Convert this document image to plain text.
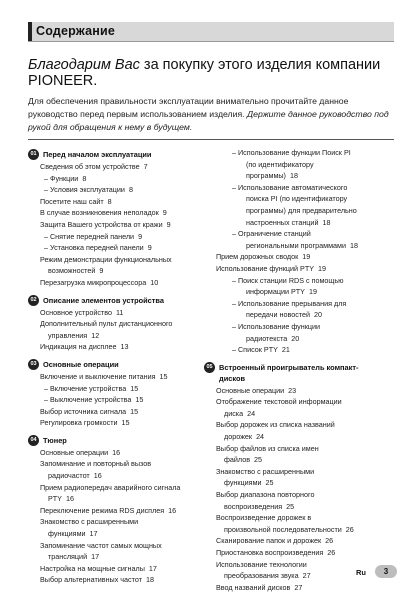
Содержание
Благодарим Вас за покупку этого изделия компании PIONEER.
Для обеспечения правильности эксплуатации внимательно прочитайте данное руководство перед первым использованием изделия. Держите данное руководство под рукой для обращения к нему в будущем.
01 Перед началом эксплуатации
Сведения об этом устройстве 7
– Функции 8
– Условия эксплуатации 8
Посетите наш сайт 8
В случае возникновения неполадок 9
Защита Вашего устройства от кражи 9
– Снятие передней панели 9
– Установка передней панели 9
Режим демонстрации функциональных
возможностей 9
Перезагрузка микропроцессора 10
02 Описание элементов устройства
Основное устройство 11
Дополнительный пульт дистанционного
управления 12
Индикация на дисплее 13
03 Основные операции
Включение и выключение питания 15
– Включение устройства 15
– Выключение устройства 15
Выбор источника сигнала 15
Регулировка громкости 15
04 Тюнер
Основные операции 16
Запоминание и повторный вызов
радиочастот 16
Прием радиопередач аварийного сигнала
PTY 16
Переключение режима RDS дисплея 16
Знакомство с расширенными
функциями 17
Запоминание частот самых мощных
трансляций 17
Настройка на мощные сигналы 17
Выбор альтернативных частот 18
– Использование функции Поиск PI
(по идентификатору
программы) 18
– Использование автоматического
поиска PI (по идентификатору
программы) для предварительно
настроенных станций 18
– Ограничение станций
региональными программами 18
Прием дорожных сводок 19
Использование функций PTY 19
– Поиск станции RDS с помощью
информации PTY 19
– Использование прерывания для
передачи новостей 20
– Использование функции
радиотекста 20
– Список PTY 21
05 Встроенный проигрыватель компакт-
дисков
Основные операции 23
Отображение текстовой информации
диска 24
Выбор дорожек из списка названий
дорожек 24
Выбор файлов из списка имен
файлов 25
Знакомство с расширенными
функциями 25
Выбор диапазона повторного
воспроизведения 25
Воспроизведение дорожек в
произвольной последовательности 26
Сканирование папок и дорожек 26
Приостановка воспроизведения 26
Использование технологии
преобразования звука 27
Ввод названий дисков 27
Ru	3
